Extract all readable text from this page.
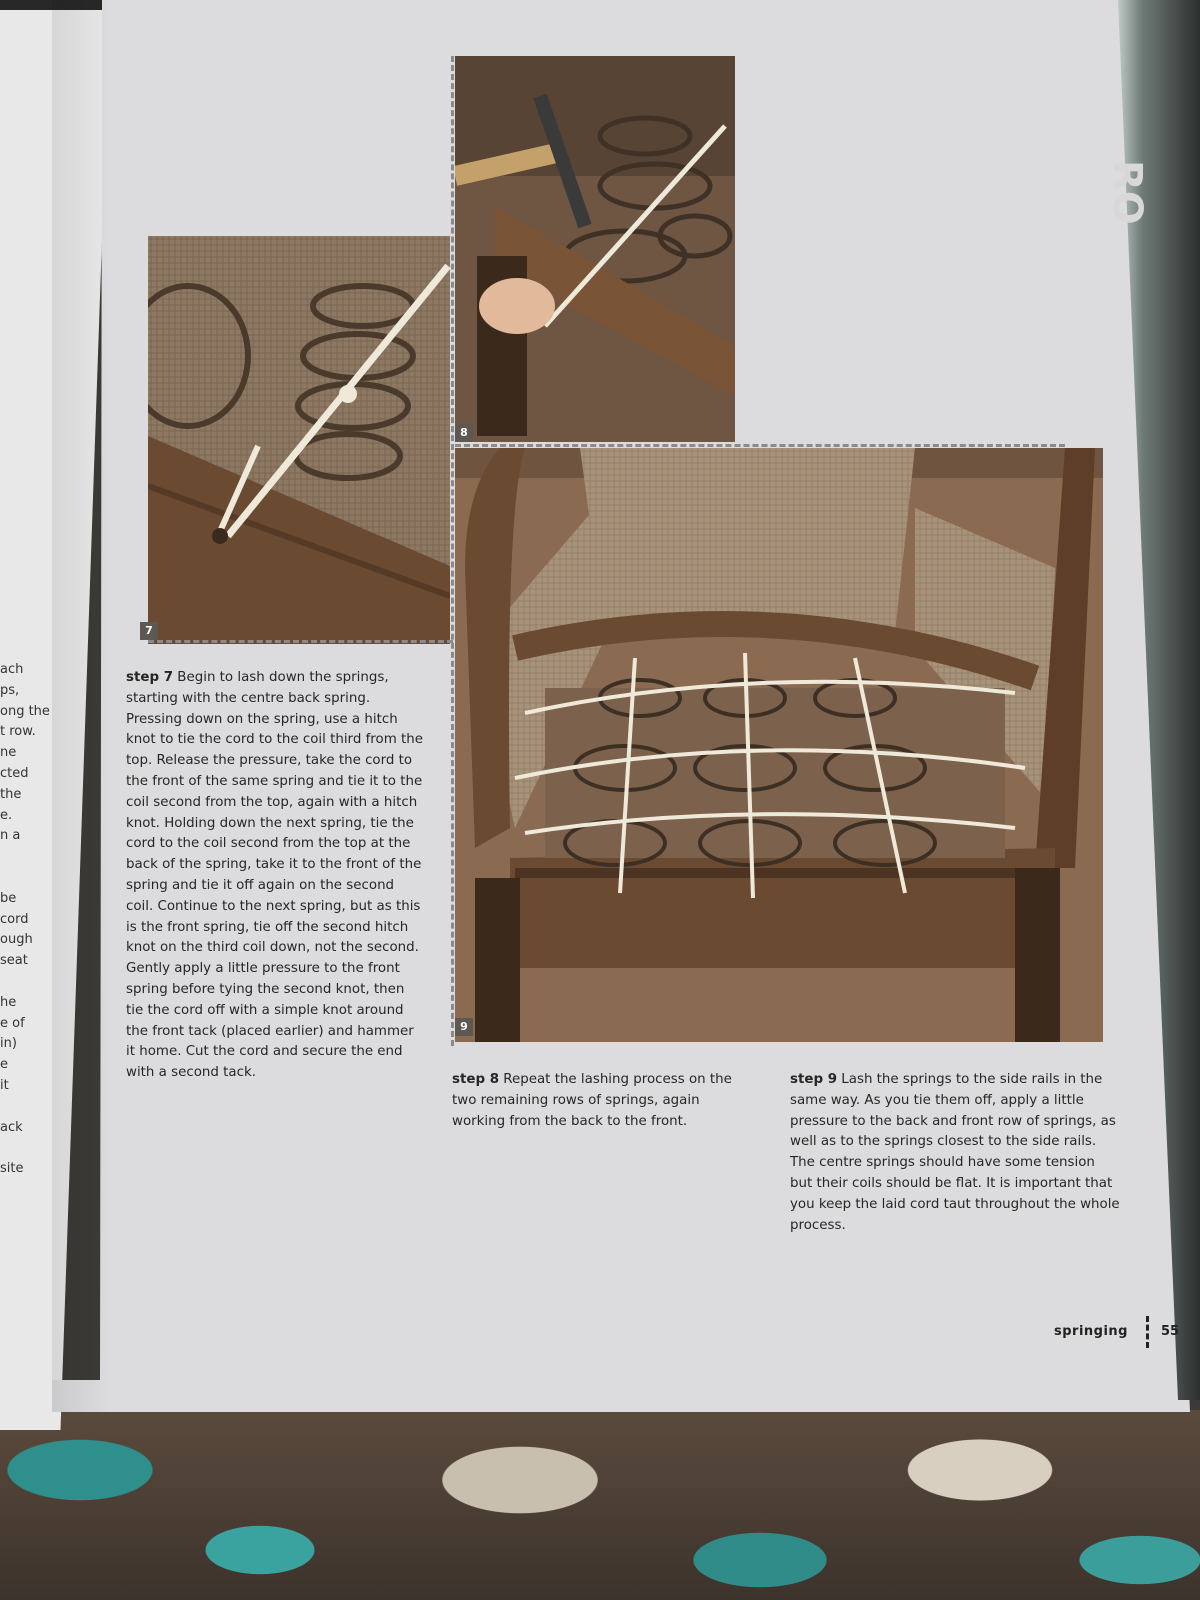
ach
ps,
ong the
t row.
ne
cted
the
e.
n a
be
cord
ough
seat
he
e of
in)
e
it
ack
site
RO
7
8
9
step 7 Begin to lash down the springs, starting with the centre back spring. Pressing down on the spring, use a hitch knot to tie the cord to the coil third from the top. Release the pressure, take the cord to the front of the same spring and tie it to the coil second from the top, again with a hitch knot. Holding down the next spring, tie the cord to the coil second from the top at the back of the spring, take it to the front of the spring and tie it off again on the second coil. Continue to the next spring, but as this is the front spring, tie off the second hitch knot on the third coil down, not the second. Gently apply a little pressure to the front spring before tying the second knot, then tie the cord off with a simple knot around the front tack (placed earlier) and hammer it home. Cut the cord and secure the end with a second tack.	step 8 Repeat the lashing process on the two remaining rows of springs, again working from the back to the front.
step 9 Lash the springs to the side rails in the same way. As you tie them off, apply a little pressure to the back and front row of springs, as well as to the springs closest to the side rails. The centre springs should have some tension but their coils should be flat. It is important that you keep the laid cord taut throughout the whole process.
springing	55
